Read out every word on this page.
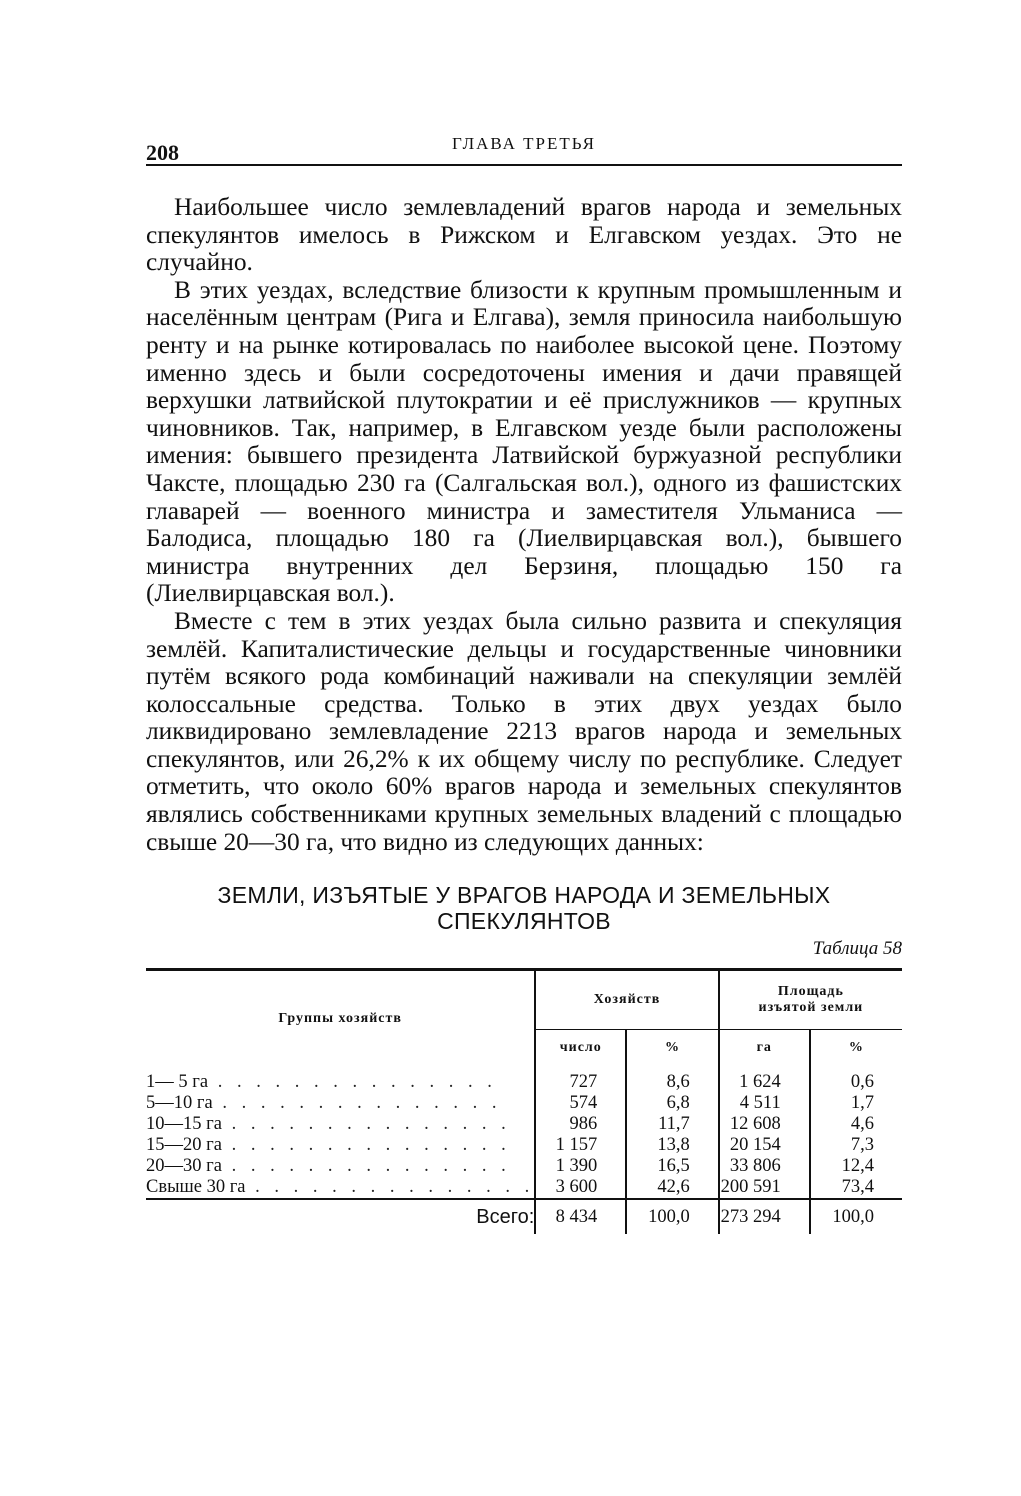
208	ГЛАВА ТРЕТЬЯ

Наибольшее число землевладений врагов народа и земельных спекулянтов имелось в Рижском и Елгавском уездах. Это не случайно.

В этих уездах, вследствие близости к крупным промышленным и населённым центрам (Рига и Елгава), земля приносила наибольшую ренту и на рынке котировалась по наиболее высокой цене. Поэтому именно здесь и были сосредоточены имения и дачи правящей верхушки латвийской плутократии и её прислужников — крупных чиновников. Так, например, в Елгавском уезде были расположены имения: бывшего президента Латвийской буржуазной республики Чаксте, площадью 230 га (Салгальская вол.), одного из фашистских главарей — военного министра и заместителя Ульманиса — Балодиса, площадью 180 га (Лиелвирцавская вол.), бывшего министра внутренних дел Берзиня, площадью 150 га (Лиелвирцавская вол.).

Вместе с тем в этих уездах была сильно развита и спекуляция землёй. Капиталистические дельцы и государственные чиновники путём всякого рода комбинаций наживали на спекуляции землёй колоссальные средства. Только в этих двух уездах было ликвидировано землевладение 2213 врагов народа и земельных спекулянтов, или 26,2% к их общему числу по республике. Следует отметить, что около 60% врагов народа и земельных спекулянтов являлись собственниками крупных земельных владений с площадью свыше 20—30 га, что видно из следующих данных:

ЗЕМЛИ, ИЗЪЯТЫЕ У ВРАГОВ НАРОДА И ЗЕМЕЛЬНЫХ
СПЕКУЛЯНТОВ
Таблица 58
Группы хозяйств	Хозяйств		Площадь
изъятой земли	

	число	%	га	%
1— 5 га . . . . . . . . . . . . . . .	727	8,6	1 624	0,6
5—10 га . . . . . . . . . . . . . . .	574	6,8	4 511	1,7
10—15 га . . . . . . . . . . . . . . .	986	11,7	12 608	4,6
15—20 га . . . . . . . . . . . . . . .	1 157	13,8	20 154	7,3
20—30 га . . . . . . . . . . . . . . .	1 390	16,5	33 806	12,4
Свыше 30 га . . . . . . . . . . . . . . .	3 600	42,6	200 591	73,4
Всего:	8 434	100,0	273 294	100,0
